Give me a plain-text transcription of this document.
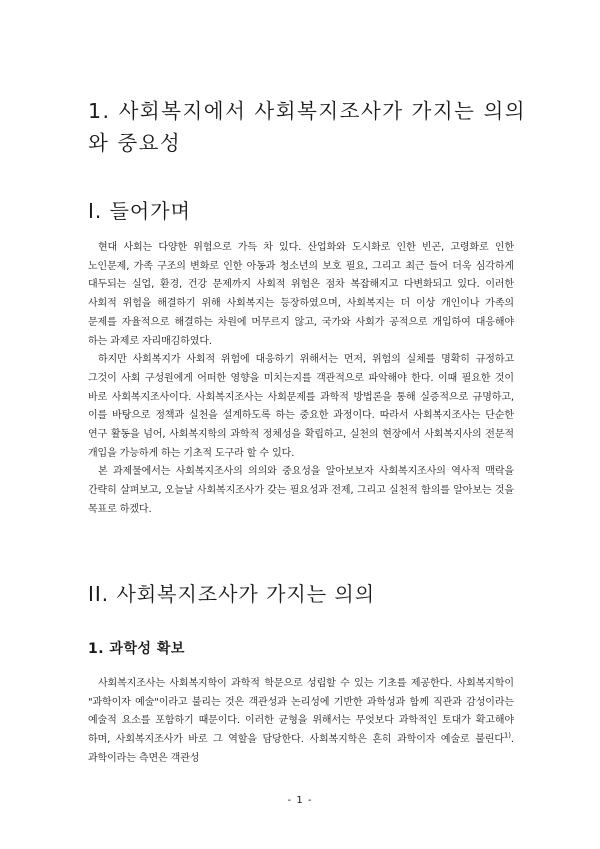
1. 사회복지에서 사회복지조사가 가지는 의의와 중요성
I. 들어가며

현대 사회는 다양한 위험으로 가득 차 있다. 산업화와 도시화로 인한 빈곤, 고령화로 인한 노인문제, 가족 구조의 변화로 인한 아동과 청소년의 보호 필요, 그리고 최근 들어 더욱 심각하게 대두되는 실업, 환경, 건강 문제까지 사회적 위험은 점차 복잡해지고 다변화되고 있다. 이러한 사회적 위험을 해결하기 위해 사회복지는 등장하였으며, 사회복지는 더 이상 개인이나 가족의 문제를 자율적으로 해결하는 차원에 머무르지 않고, 국가와 사회가 공적으로 개입하여 대응해야 하는 과제로 자리매김하였다.

하지만 사회복지가 사회적 위험에 대응하기 위해서는 먼저, 위험의 실체를 명확히 규정하고 그것이 사회 구성원에게 어떠한 영향을 미치는지를 객관적으로 파악해야 한다. 이때 필요한 것이 바로 사회복지조사이다. 사회복지조사는 사회문제를 과학적 방법론을 통해 실증적으로 규명하고, 이를 바탕으로 정책과 실천을 설계하도록 하는 중요한 과정이다. 따라서 사회복지조사는 단순한 연구 활동을 넘어, 사회복지학의 과학적 정체성을 확립하고, 실천의 현장에서 사회복지사의 전문적 개입을 가능하게 하는 기초적 도구라 할 수 있다.

본 과제물에서는 사회복지조사의 의의와 중요성을 알아보보자 사회복지조사의 역사적 맥락을 간략히 살펴보고, 오늘날 사회복지조사가 갖는 필요성과 전제, 그리고 실천적 함의를 알아보는 것을 목표로 하겠다.

II. 사회복지조사가 가지는 의의
1. 과학성 확보

사회복지조사는 사회복지학이 과학적 학문으로 성립할 수 있는 기초를 제공한다. 사회복지학이 "과학이자 예술"이라고 불리는 것은 객관성과 논리성에 기반한 과학성과 함께 직관과 감성이라는 예술적 요소를 포함하기 때문이다. 이러한 균형을 위해서는 무엇보다 과학적인 토대가 확고해야 하며, 사회복지조사가 바로 그 역할을 담당한다. 사회복지학은 흔히 과학이자 예술로 불린다$^{1)}$. 과학이라는 측면은 객관성

- 1 -
